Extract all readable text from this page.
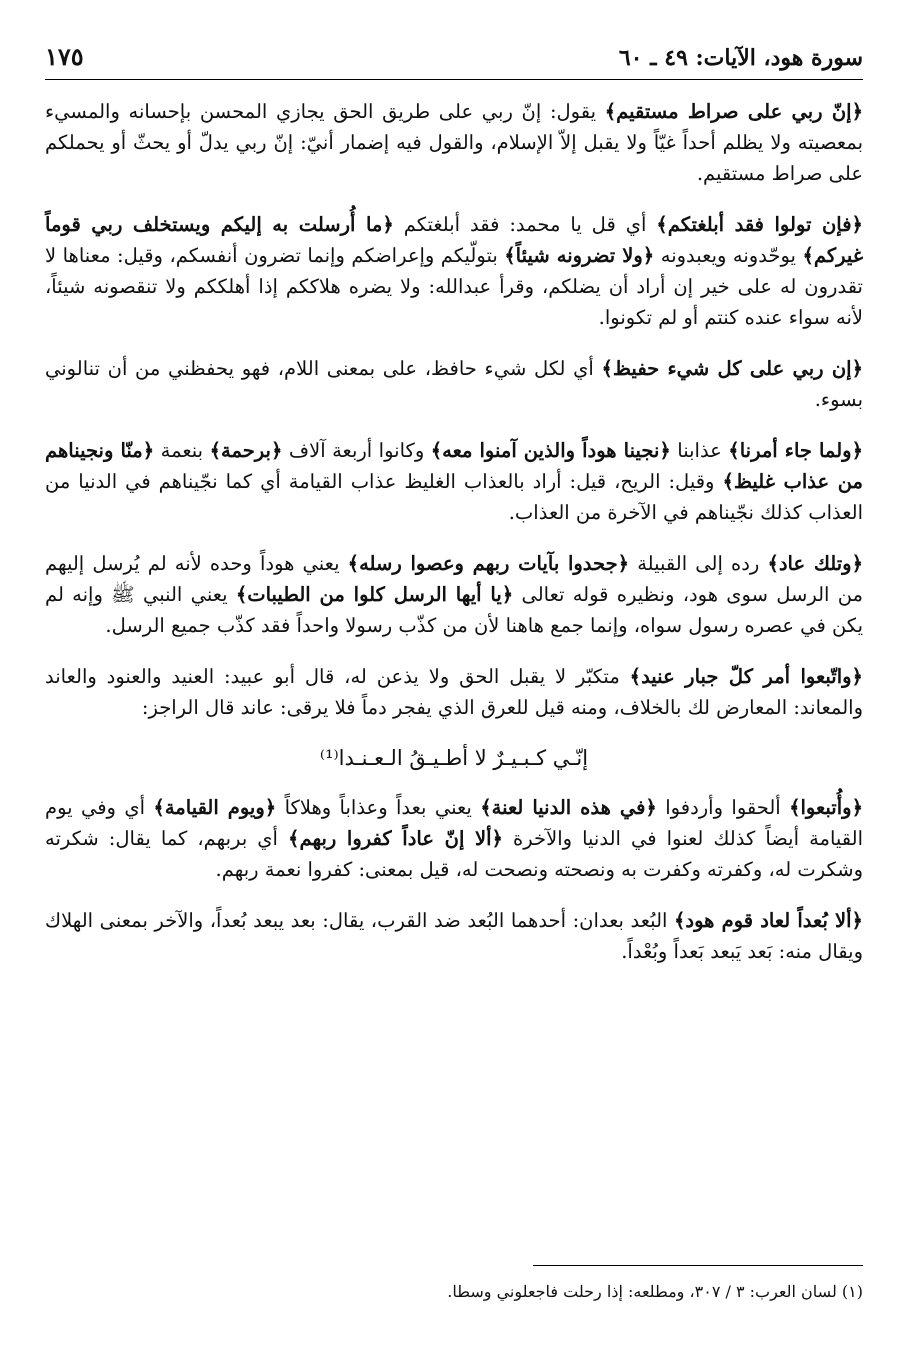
سورة هود، الآيات: ٤٩ ـ ٦٠
١٧٥

﴿إنّ ربي على صراط مستقيم﴾ يقول: إنّ ربي على طريق الحق يجازي المحسن بإحسانه والمسيء بمعصيته ولا يظلم أحداً غيّاً ولا يقبل إلاّ الإسلام، والقول فيه إضمار أنيّ: إنّ ربي يدلّ أو يحثّ أو يحملكم على صراط مستقيم.

﴿فإن تولوا فقد أبلغتكم﴾ أي قل يا محمد: فقد أبلغتكم ﴿ما أُرسلت به إليكم ويستخلف ربي قوماً غيركم﴾ يوحّدونه ويعبدونه ﴿ولا تضرونه شيئاً﴾ بتولّيكم وإعراضكم وإنما تضرون أنفسكم، وقيل: معناها لا تقدرون له على خير إن أراد أن يضلكم، وقرأ عبدالله: ولا يضره هلاككم إذا أهلككم ولا تنقصونه شيئاً، لأنه سواء عنده كنتم أو لم تكونوا.

﴿إن ربي على كل شيء حفيظ﴾ أي لكل شيء حافظ، على بمعنى اللام، فهو يحفظني من أن تنالوني بسوء.

﴿ولما جاء أمرنا﴾ عذابنا ﴿نجينا هوداً والذين آمنوا معه﴾ وكانوا أربعة آلاف ﴿برحمة﴾ بنعمة ﴿منّا ونجيناهم من عذاب غليظ﴾ وقيل: الريح، قيل: أراد بالعذاب الغليظ عذاب القيامة أي كما نجّيناهم في الدنيا من العذاب كذلك نجّيناهم في الآخرة من العذاب.

﴿وتلك عاد﴾ رده إلى القبيلة ﴿جحدوا بآيات ربهم وعصوا رسله﴾ يعني هوداً وحده لأنه لم يُرسل إليهم من الرسل سوى هود، ونظيره قوله تعالى ﴿يا أيها الرسل كلوا من الطيبات﴾ يعني النبي ﷺ وإنه لم يكن في عصره رسول سواه، وإنما جمع هاهنا لأن من كذّب رسولا واحداً فقد كذّب جميع الرسل.

﴿واتّبعوا أمر كلّ جبار عنيد﴾ متكبّر لا يقبل الحق ولا يذعن له، قال أبو عبيد: العنيد والعنود والعاند والمعاند: المعارض لك بالخلاف، ومنه قيل للعرق الذي يفجر دماً فلا يرقى: عاند قال الراجز:

إنّـي كـبـيـرٌ لا أطـيـقُ الـعـنـدا⁽¹⁾

﴿وأُتبعوا﴾ ألحقوا وأردفوا ﴿في هذه الدنيا لعنة﴾ يعني بعداً وعذاباً وهلاكاً ﴿ويوم القيامة﴾ أي وفي يوم القيامة أيضاً كذلك لعنوا في الدنيا والآخرة ﴿ألا إنّ عاداً كفروا ربهم﴾ أي بربهم، كما يقال: شكرته وشكرت له، وكفرته وكفرت به ونصحته ونصحت له، قيل بمعنى: كفروا نعمة ربهم.

﴿ألا بُعداً لعاد قوم هود﴾ البُعد بعدان: أحدهما البُعد ضد القرب، يقال: بعد يبعد بُعداً، والآخر بمعنى الهلاك ويقال منه: بَعد يَبعد بَعداً وبُعْداً.

(١) لسان العرب: ٣ / ٣٠٧، ومطلعه: إذا رحلت فاجعلوني وسطا.
